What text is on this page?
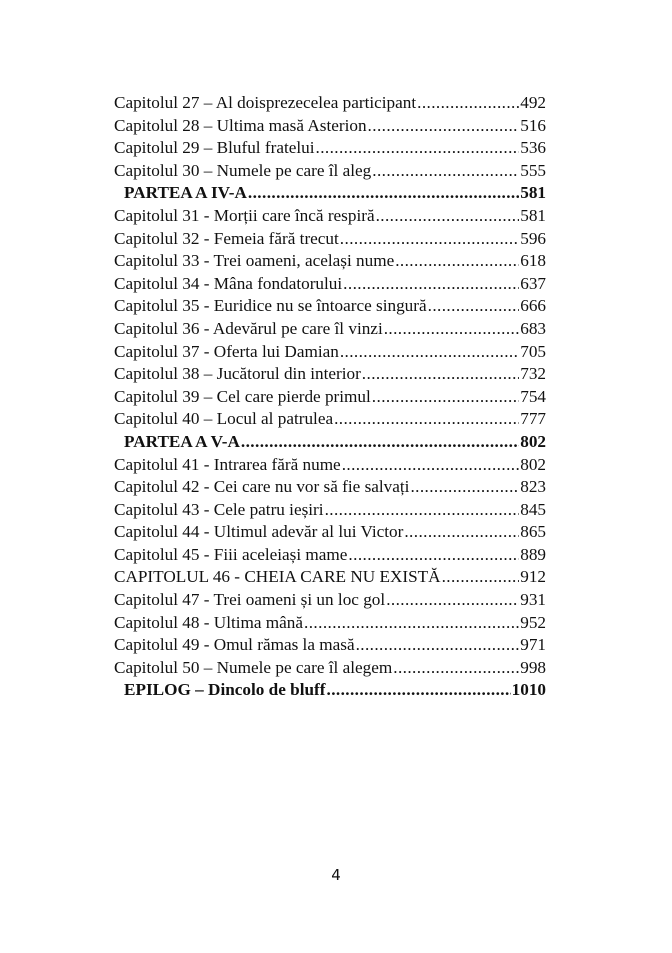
Capitolul 27 – Al doisprezecelea participant .....	492
Capitolul 28 – Ultima masă Asterion .....	516
Capitolul 29 – Bluful fratelui .....	536
Capitolul 30 – Numele pe care îl aleg .....	555
PARTEA A IV-A .....	581
Capitolul 31 - Morții care încă respiră .....	581
Capitolul 32 - Femeia fără trecut .....	596
Capitolul 33 - Trei oameni, același nume .....	618
Capitolul 34 - Mâna fondatorului .....	637
Capitolul 35 - Euridice nu se întoarce singură .....	666
Capitolul 36 - Adevărul pe care îl vinzi .....	683
Capitolul 37 - Oferta lui Damian .....	705
Capitolul 38 – Jucătorul din interior .....	732
Capitolul 39 – Cel care pierde primul .....	754
Capitolul 40 – Locul al patrulea .....	777
PARTEA A V-A .....	802
Capitolul 41 - Intrarea fără nume .....	802
Capitolul 42 - Cei care nu vor să fie salvați .....	823
Capitolul 43 - Cele patru ieșiri .....	845
Capitolul 44 - Ultimul adevăr al lui Victor .....	865
Capitolul 45 - Fiii aceleiași mame .....	889
CAPITOLUL 46 - CHEIA CARE NU EXISTĂ .....	912
Capitolul 47 - Trei oameni și un loc gol .....	931
Capitolul 48 - Ultima mână .....	952
Capitolul 49 - Omul rămas la masă .....	971
Capitolul 50 – Numele pe care îl alegem .....	998
EPILOG – Dincolo de bluff .....	1010
4
